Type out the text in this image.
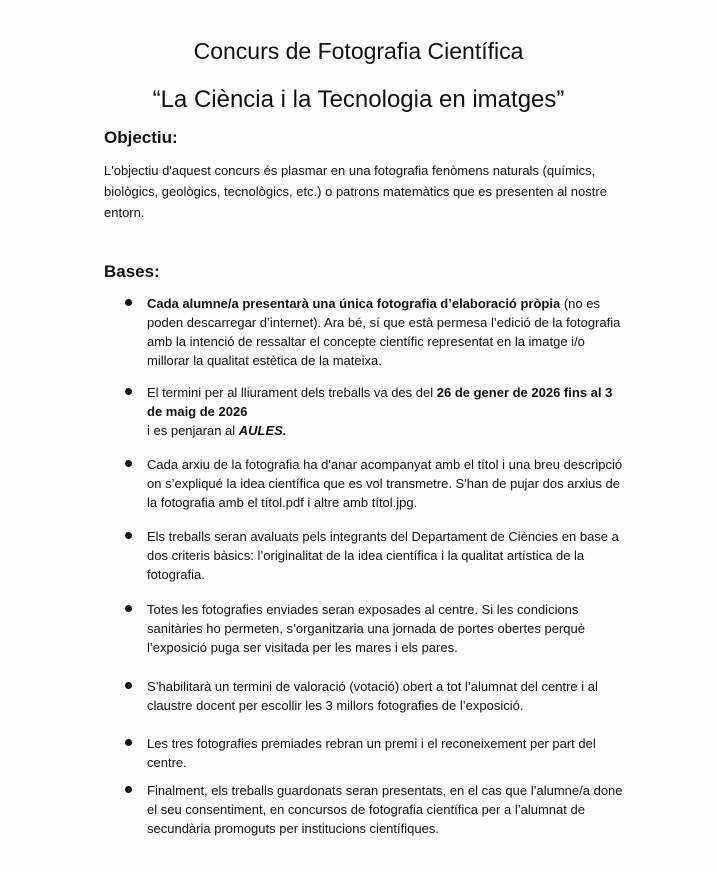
Concurs de Fotografia Científica
“La Ciència i la Tecnologia en imatges”
Objectiu:

L'objectiu d'aquest concurs és plasmar en una fotografia fenòmens naturals (químics, biològics, geològics, tecnològics, etc.) o patrons matemàtics que es presenten al nostre entorn.

Bases:
Cada alumne/a presentarà una única fotografia d’elaboració pròpia (no es poden descarregar d’internet). Ara bé, sí que està permesa l’edició de la fotografia amb la intenció de ressaltar el concepte científic representat en la imatge i/o millorar la qualitat estètica de la mateixa.
El termini per al lliurament dels treballs va des del 26 de gener de 2026 fins al 3 de maig de 2026
i es penjaran al AULES.
Cada arxiu de la fotografia ha d'anar acompanyat amb el títol i una breu descripció on s’expliqué la idea científica que es vol transmetre. S'han de pujar dos arxius de la fotografia amb el títol.pdf i altre amb títol.jpg.
Els treballs seran avaluats pels integrants del Departament de Ciències en base a dos criteris bàsics: l’originalitat de la idea científica i la qualitat artística de la fotografia.
Totes les fotografies enviades seran exposades al centre. Si les condicions sanitàries ho permeten, s’organitzaria una jornada de portes obertes perquè l’exposició puga ser visitada per les mares i els pares.
S’habilitarà un termini de valoració (votació) obert a tot l’alumnat del centre i al claustre docent per escollir les 3 millors fotografies de l’exposició.
Les tres fotografies premiades rebran un premi i el reconeixement per part del centre.
Finalment, els treballs guardonats seran presentats, en el cas que l’alumne/a done el seu consentiment, en concursos de fotografia científica per a l’alumnat de secundària promoguts per institucions científiques.
